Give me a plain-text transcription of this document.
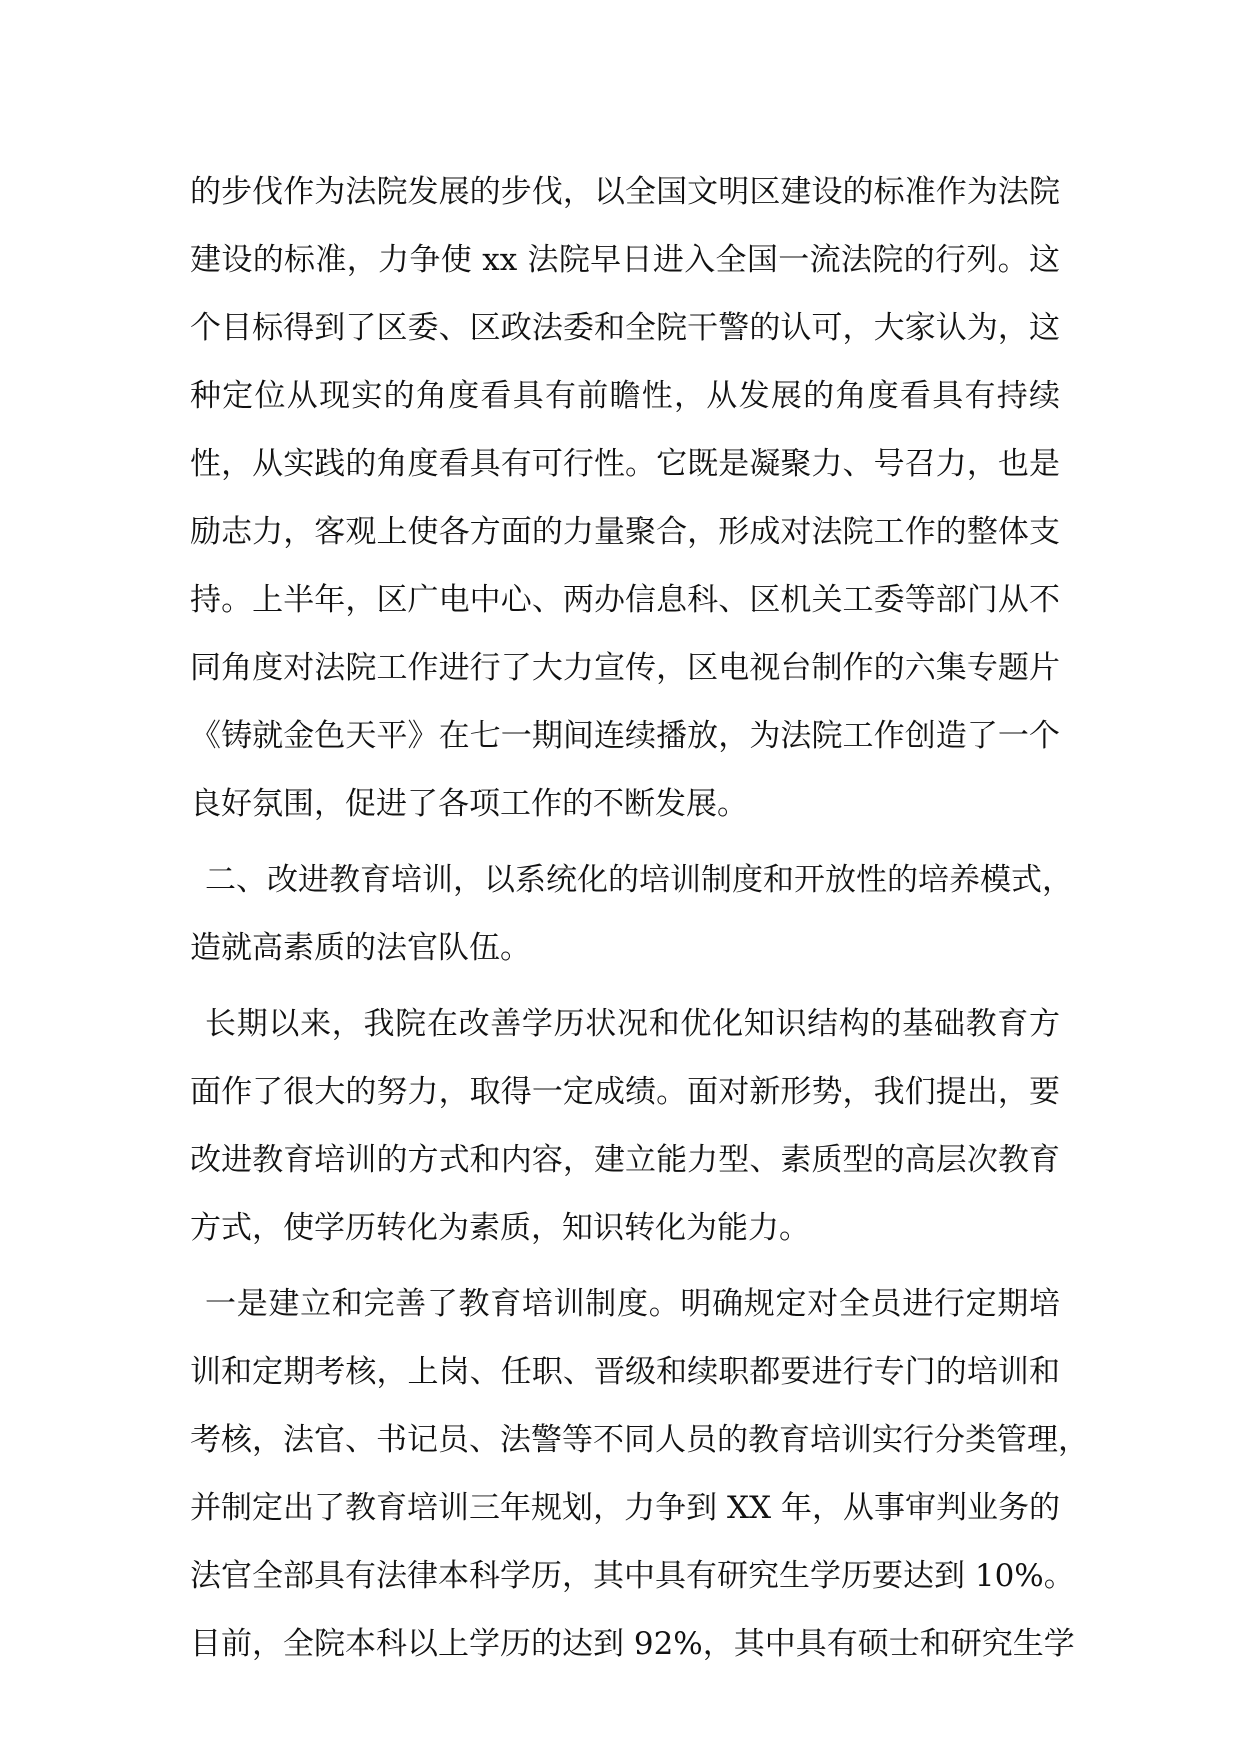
的步伐作为法院发展的步伐，以全国文明区建设的标准作为法院
建设的标准，力争使 xx 法院早日进入全国一流法院的行列。这
个目标得到了区委、区政法委和全院干警的认可，大家认为，这
种定位从现实的角度看具有前瞻性，从发展的角度看具有持续
性，从实践的角度看具有可行性。它既是凝聚力、号召力，也是
励志力，客观上使各方面的力量聚合，形成对法院工作的整体支
持。上半年，区广电中心、两办信息科、区机关工委等部门从不
同角度对法院工作进行了大力宣传，区电视台制作的六集专题片
《铸就金色天平》在七一期间连续播放，为法院工作创造了一个
良好氛围，促进了各项工作的不断发展。
二、改进教育培训，以系统化的培训制度和开放性的培养模式，
造就高素质的法官队伍。
长期以来，我院在改善学历状况和优化知识结构的基础教育方
面作了很大的努力，取得一定成绩。面对新形势，我们提出，要
改进教育培训的方式和内容，建立能力型、素质型的高层次教育
方式，使学历转化为素质，知识转化为能力。
一是建立和完善了教育培训制度。明确规定对全员进行定期培
训和定期考核，上岗、任职、晋级和续职都要进行专门的培训和
考核，法官、书记员、法警等不同人员的教育培训实行分类管理，
并制定出了教育培训三年规划，力争到 XX 年，从事审判业务的
法官全部具有法律本科学历，其中具有研究生学历要达到 10%。
目前，全院本科以上学历的达到 92%，其中具有硕士和研究生学
